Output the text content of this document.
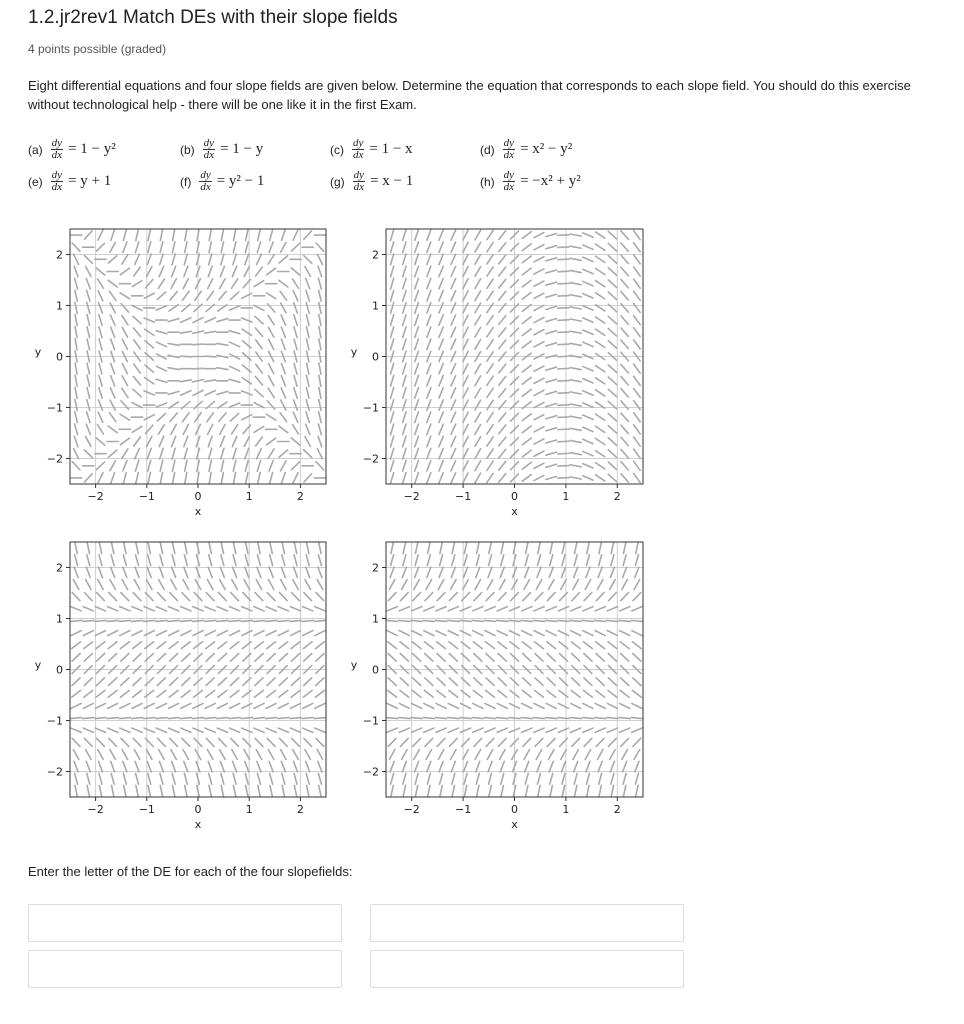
1.2.jr2rev1 Match DEs with their slope fields
4 points possible (graded)
Eight differential equations and four slope fields are given below. Determine the equation that corresponds to each slope field. You should do this exercise without technological help - there will be one like it in the first Exam.
$(a) \frac{dy}{dx} = 1 - y^2$	$(b) \frac{dy}{dx} = 1 - y$	$(c) \frac{dy}{dx} = 1 - x$	$(d) \frac{dy}{dx} = x^2 - y^2$
$(e) \frac{dy}{dx} = y + 1$	$(f) \frac{dy}{dx} = y^2 - 1$	$(g) \frac{dy}{dx} = x - 1$	$(h) \frac{dy}{dx} = -x^2 + y^2$
−2	−1	0	1	2
2
1
0
−1
−2
x
y
−2	−1	0	1	2
2
1
0
−1
−2
x
y
−2	−1	0	1	2
2
1
0
−1
−2
x
y
−2	−1	0	1	2
2
1
0
−1
−2
x
y
Enter the letter of the DE for each of the four slopefields:
